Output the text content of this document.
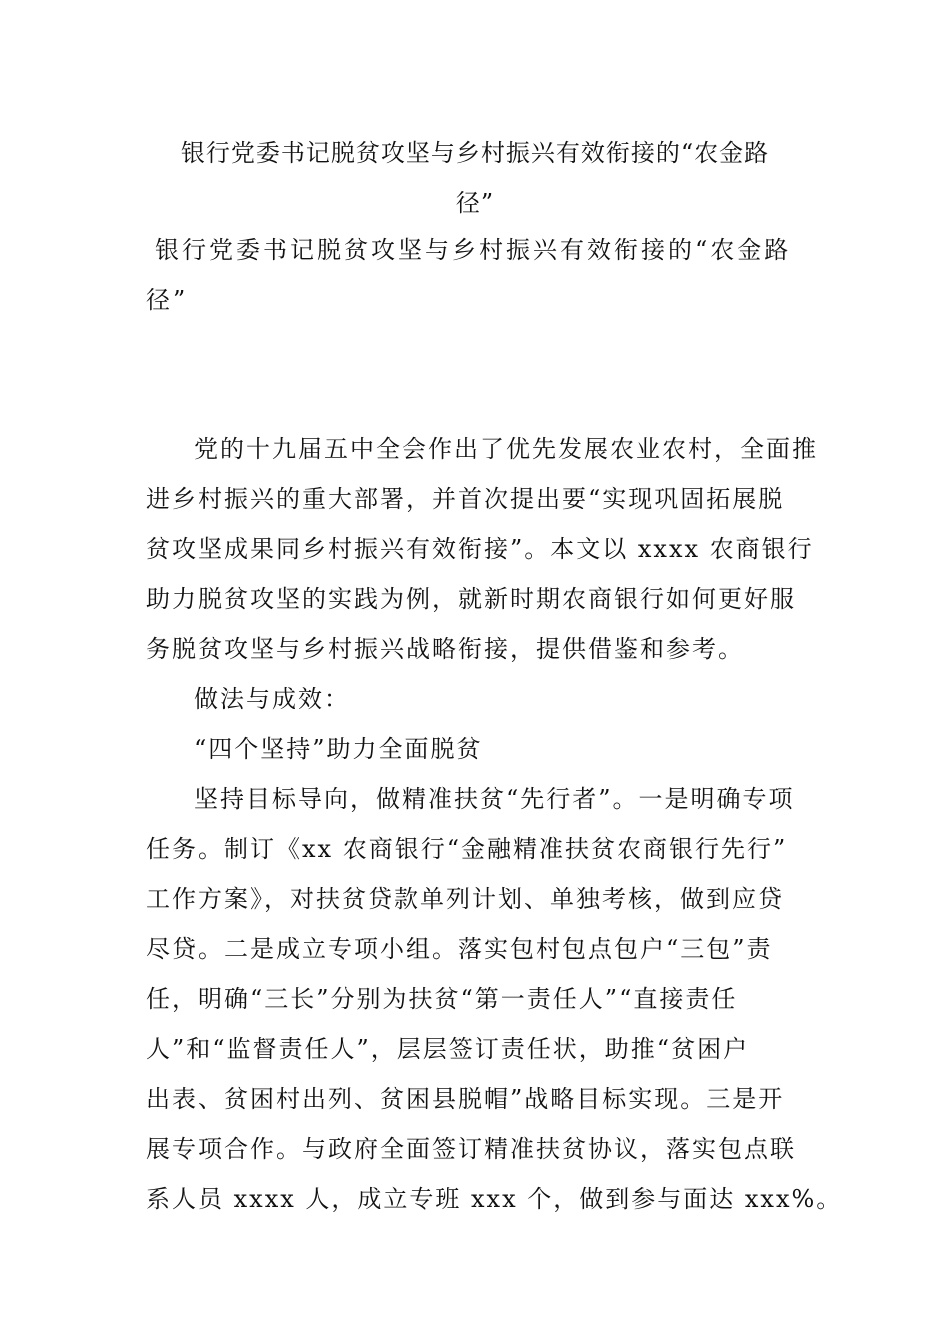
银行党委书记脱贫攻坚与乡村振兴有效衔接的“农金路
径”
银行党委书记脱贫攻坚与乡村振兴有效衔接的“农金路
径”
党的十九届五中全会作出了优先发展农业农村，全面推
进乡村振兴的重大部署，并首次提出要“实现巩固拓展脱
贫攻坚成果同乡村振兴有效衔接”。本文以 xxxx 农商银行
助力脱贫攻坚的实践为例，就新时期农商银行如何更好服
务脱贫攻坚与乡村振兴战略衔接，提供借鉴和参考。
做法与成效：
“四个坚持”助力全面脱贫
坚持目标导向，做精准扶贫“先行者”。一是明确专项
任务。制订《xx 农商银行“金融精准扶贫农商银行先行”
工作方案》，对扶贫贷款单列计划、单独考核，做到应贷
尽贷。二是成立专项小组。落实包村包点包户“三包”责
任，明确“三长”分别为扶贫“第一责任人”“直接责任
人”和“监督责任人”，层层签订责任状，助推“贫困户
出表、贫困村出列、贫困县脱帽”战略目标实现。三是开
展专项合作。与政府全面签订精准扶贫协议，落实包点联
系人员 xxxx 人，成立专班 xxx 个，做到参与面达 xxx%。
